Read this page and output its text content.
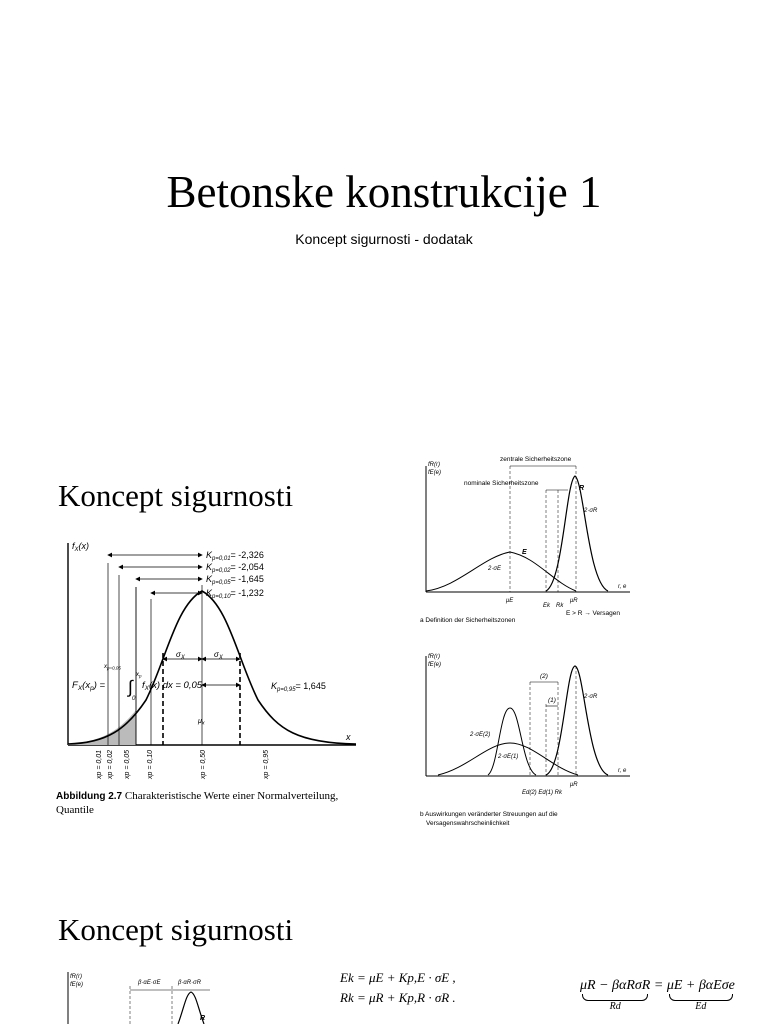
Betonske konstrukcije 1
Koncept sigurnosti - dodatak
Koncept sigurnosti
$f_X(x)$
x
$K_{p=0,01}= -2,326$
$K_{p=0,02}= -2,054$
$K_{p=0,05}= -1,645$
$K_{p=0,10}= -1,232$
$\sigma_X$	$\sigma_X$
$K_{p=0,95}= 1,645$
$x_{p=0,05}$
$F_X(x_p)$ = ∫
$x_p$
0
$f_X(x)$ dx = 0,05
$\mu_x$
xp = 0,01 xp = 0,02 xp = 0,05 xp = 0,10	xp = 0,50	xp = 0,95
Abbildung 2.7 Charakteristische Werte einer Normalverteilung, Quantile
fR(r)
fE(e)
zentrale Sicherheitszone
nominale Sicherheitszone
R
E
2·σR
2·σE
μE	μR
Ek Rk
r, e
E > R → Versagen
a Definition der Sicherheitszonen
fR(r)
fE(e)
(2)
(1)	2·σR
2·σE(2)
2·σE(1)
μR
Ed(2) Ed(1) Rk
r, e
b Auswirkungen veränderter Streuungen auf die
Versagenswahrscheinlichkeit
Koncept sigurnosti
fR(r)
fE(e)	β·αE·σE	β·αR·σR
R
Ek = μE + Kp,E · σE ,
Rk = μR + Kp,R · σR .
μR − βαRσR
Rd
= μE + βαEσe
Ed
